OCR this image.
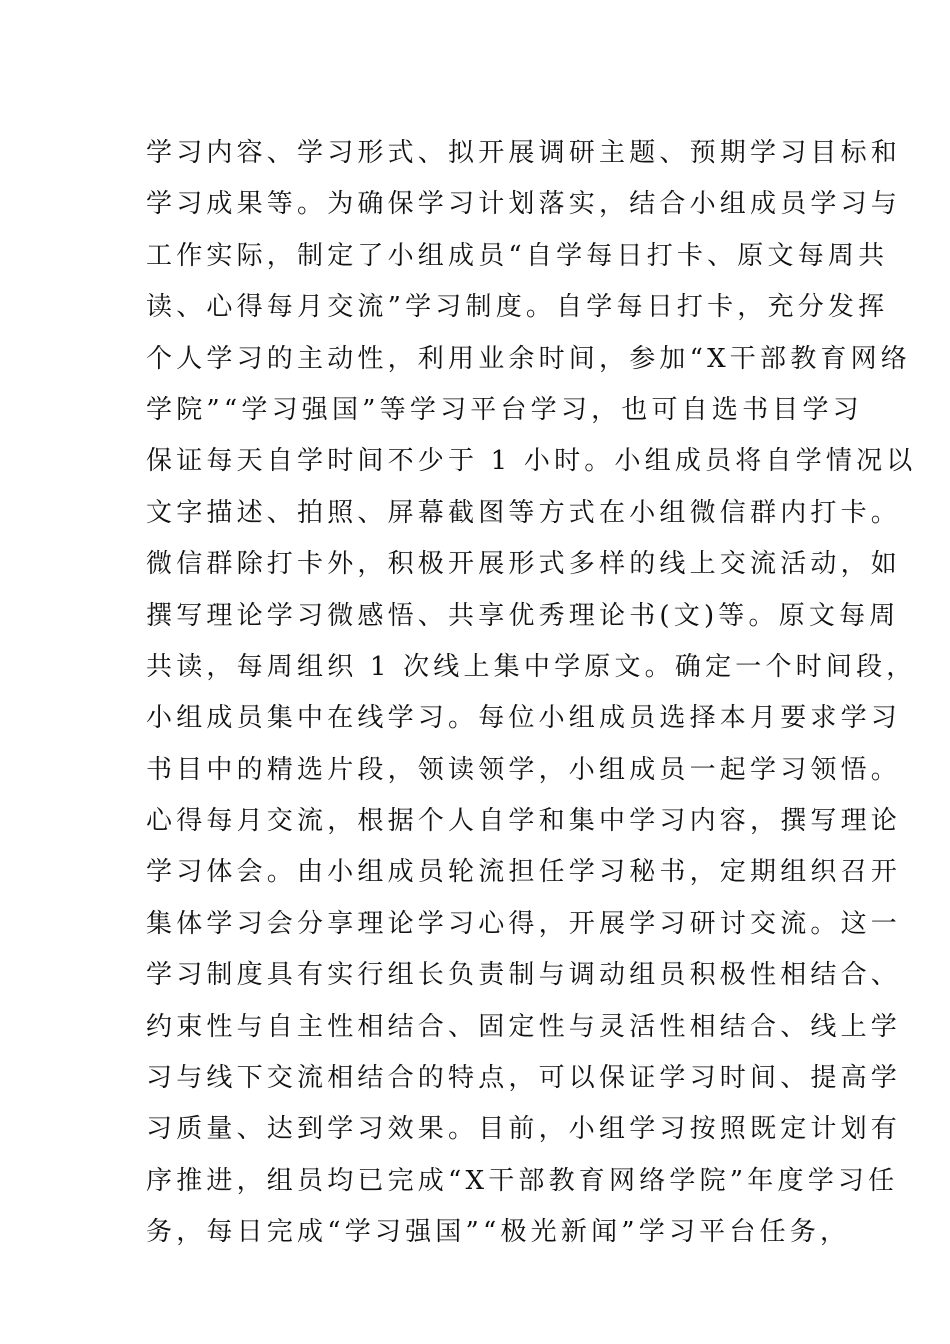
学习内容、学习形式、拟开展调研主题、预期学习目标和
学习成果等。为确保学习计划落实，结合小组成员学习与
工作实际，制定了小组成员“自学每日打卡、原文每周共
读、心得每月交流”学习制度。自学每日打卡，充分发挥
个人学习的主动性，利用业余时间，参加“X干部教育网络
学院”“学习强国”等学习平台学习，也可自选书目学习
保证每天自学时间不少于 1 小时。小组成员将自学情况以
文字描述、拍照、屏幕截图等方式在小组微信群内打卡。
微信群除打卡外，积极开展形式多样的线上交流活动，如
撰写理论学习微感悟、共享优秀理论书(文)等。原文每周
共读，每周组织 1 次线上集中学原文。确定一个时间段，
小组成员集中在线学习。每位小组成员选择本月要求学习
书目中的精选片段，领读领学，小组成员一起学习领悟。
心得每月交流，根据个人自学和集中学习内容，撰写理论
学习体会。由小组成员轮流担任学习秘书，定期组织召开
集体学习会分享理论学习心得，开展学习研讨交流。这一
学习制度具有实行组长负责制与调动组员积极性相结合、
约束性与自主性相结合、固定性与灵活性相结合、线上学
习与线下交流相结合的特点，可以保证学习时间、提高学
习质量、达到学习效果。目前，小组学习按照既定计划有
序推进，组员均已完成“X干部教育网络学院”年度学习任
务，每日完成“学习强国”“极光新闻”学习平台任务，
